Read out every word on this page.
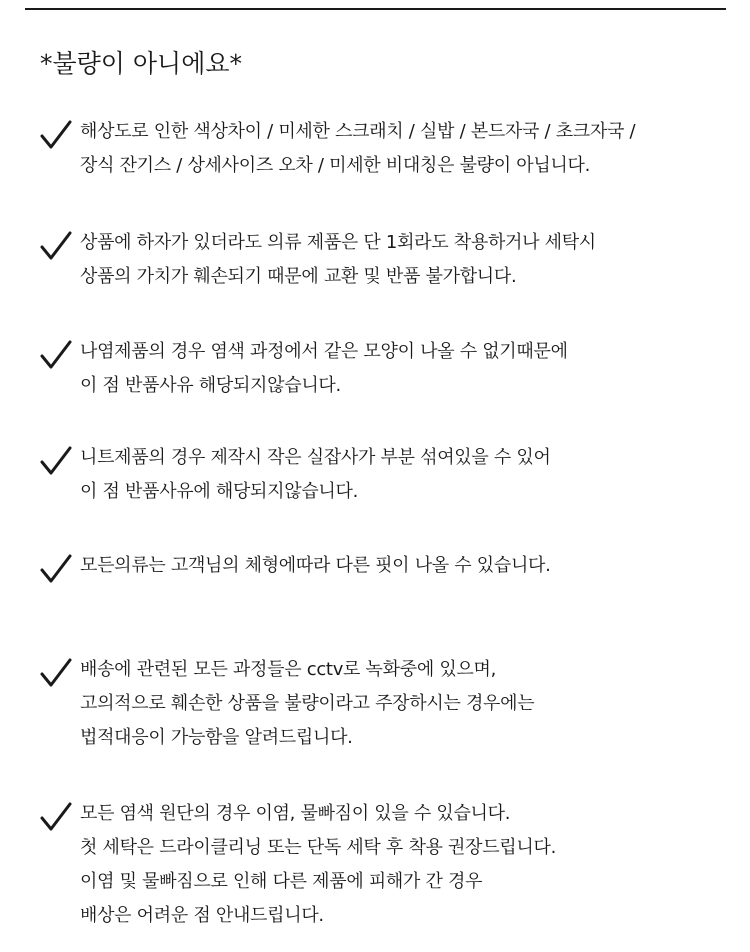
*불량이 아니에요*
해상도로 인한 색상차이 / 미세한 스크래치 / 실밥 / 본드자국 / 초크자국 /
장식 잔기스 / 상세사이즈 오차 / 미세한 비대칭은 불량이 아닙니다.
상품에 하자가 있더라도 의류 제품은 단 1회라도 착용하거나 세탁시
상품의 가치가 훼손되기 때문에 교환 및 반품 불가합니다.
나염제품의 경우 염색 과정에서 같은 모양이 나올 수 없기때문에
이 점 반품사유 해당되지않습니다.
니트제품의 경우 제작시 작은 실잡사가 부분 섞여있을 수 있어
이 점 반품사유에 해당되지않습니다.
모든의류는 고객님의 체형에따라 다른 핏이 나올 수 있습니다.
배송에 관련된 모든 과정들은 cctv로 녹화중에 있으며,
고의적으로 훼손한 상품을 불량이라고 주장하시는 경우에는
법적대응이 가능함을 알려드립니다.
모든 염색 원단의 경우 이염, 물빠짐이 있을 수 있습니다.
첫 세탁은 드라이클리닝 또는 단독 세탁 후 착용 권장드립니다.
이염 및 물빠짐으로 인해 다른 제품에 피해가 간 경우
배상은 어려운 점 안내드립니다.
